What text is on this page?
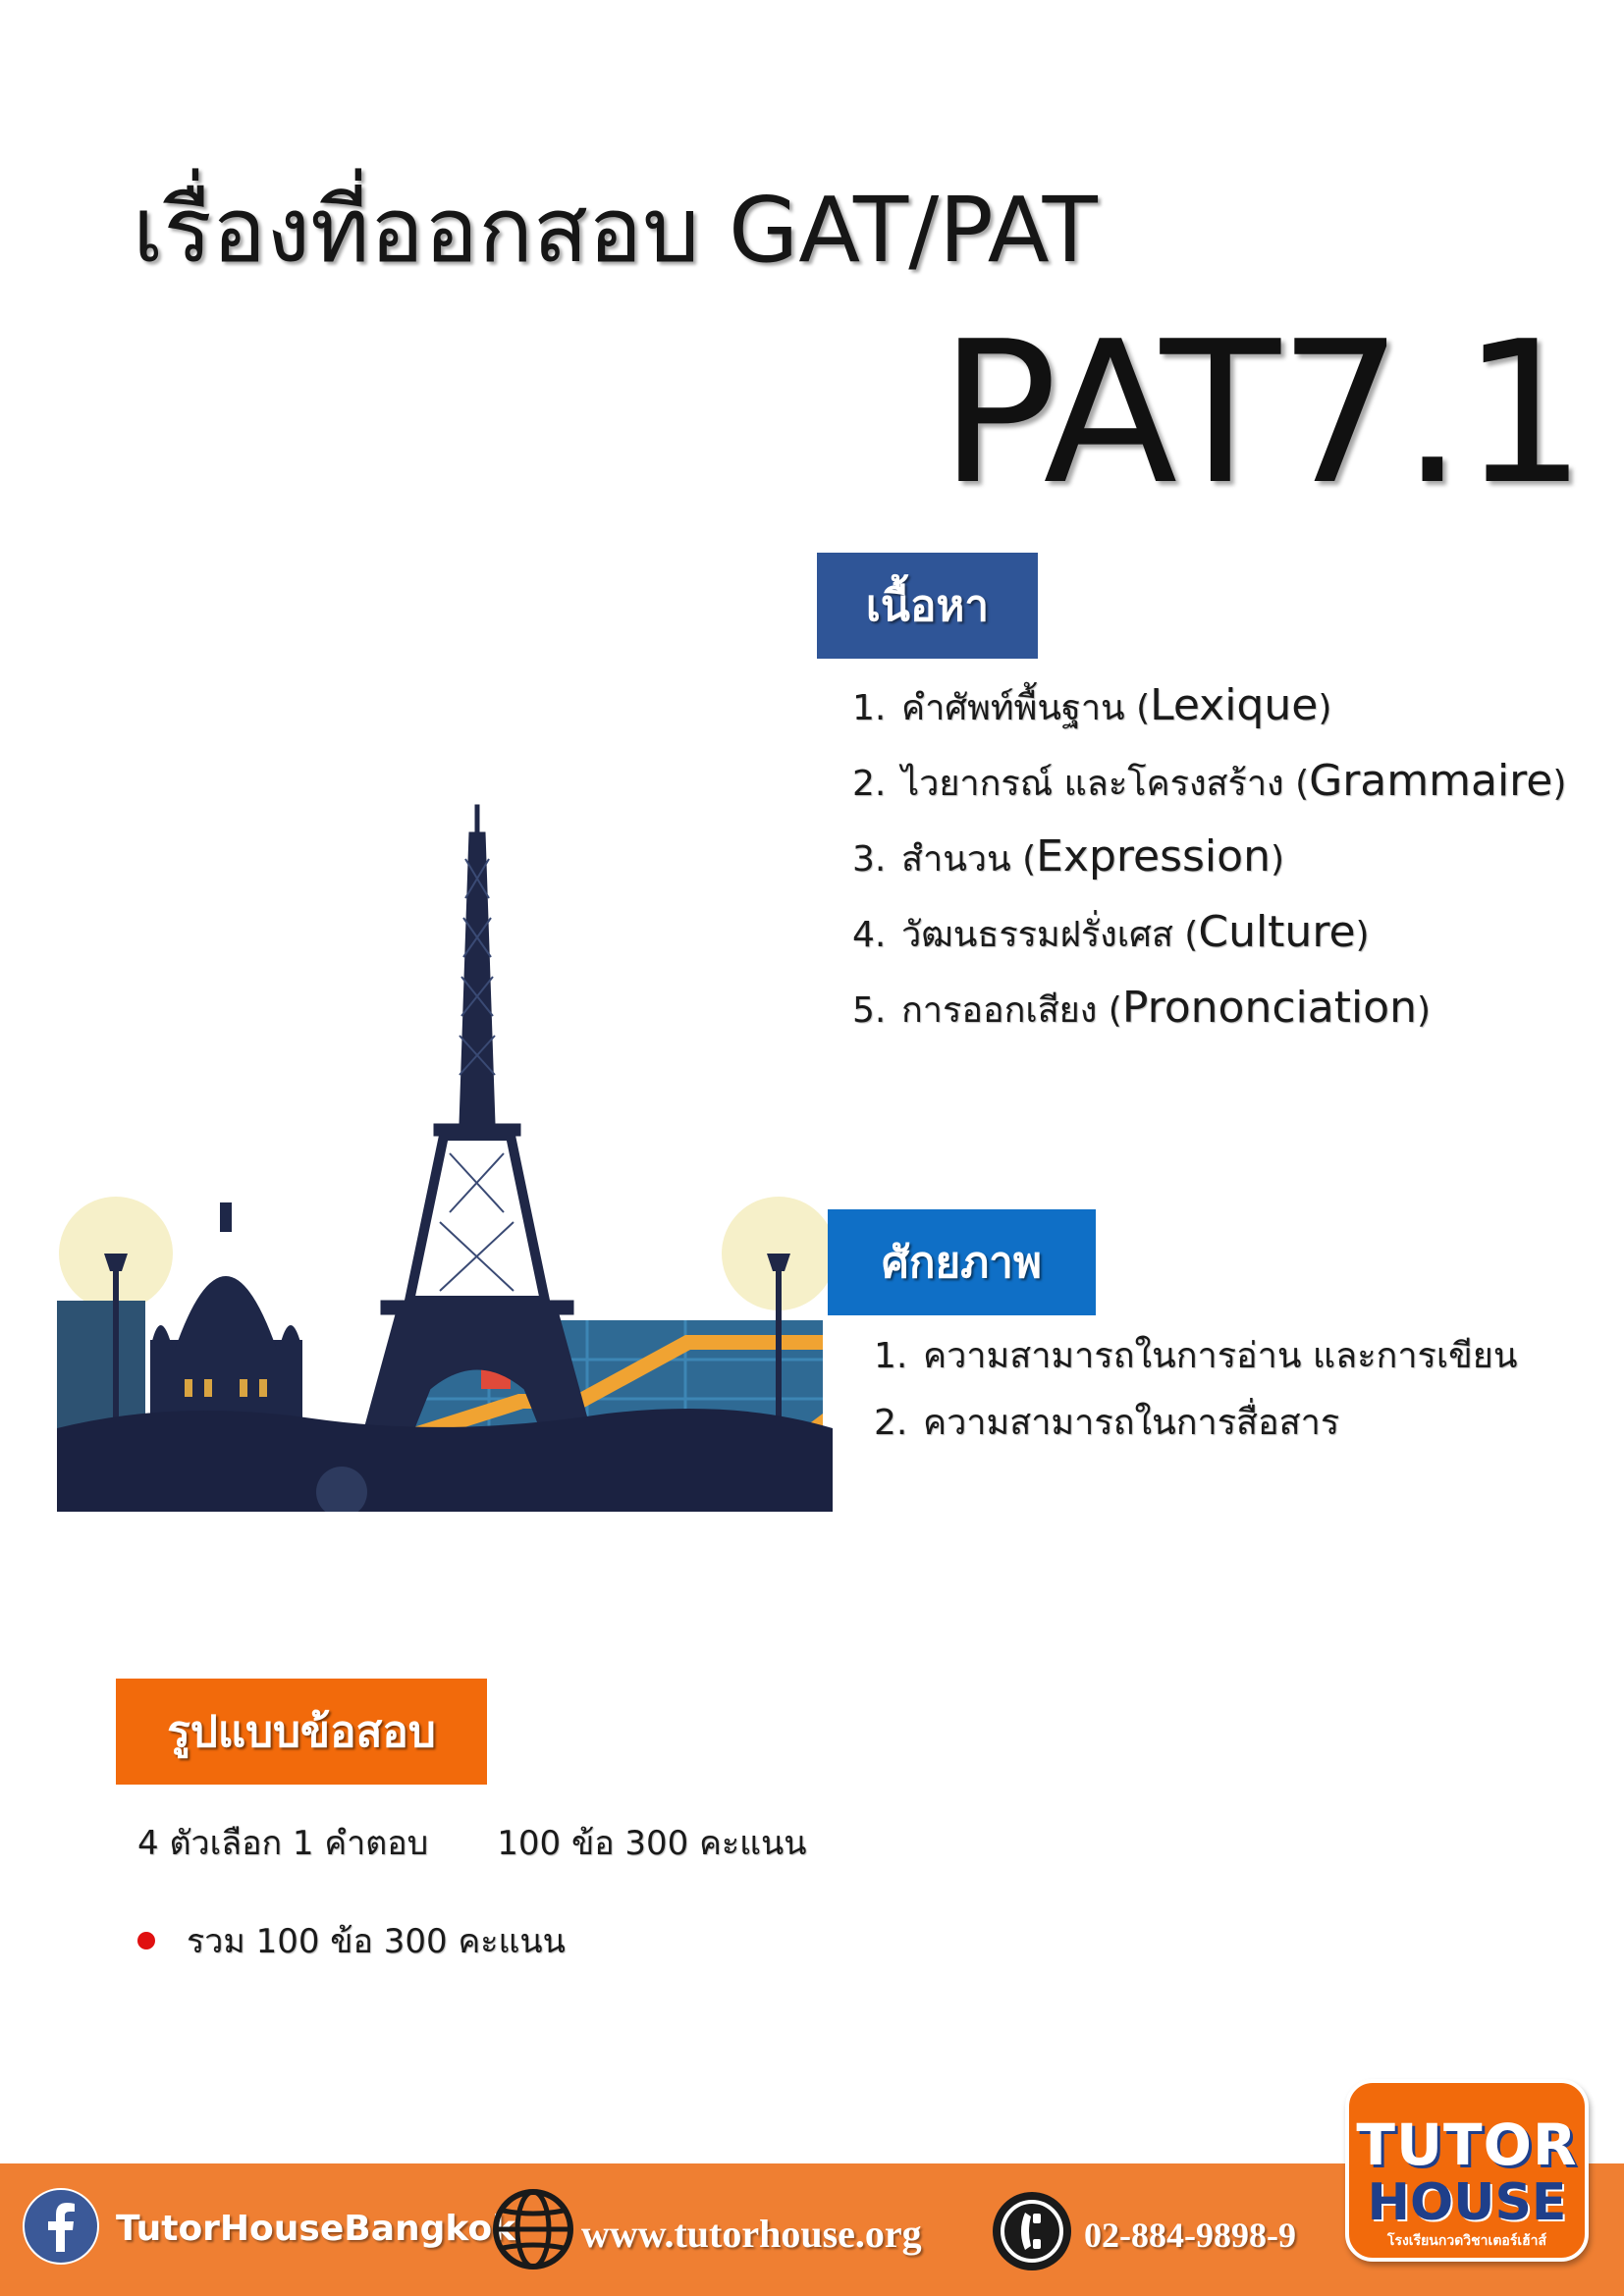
เรื่องที่ออกสอบ GAT/PAT
PAT7.1
เนื้อหา
1. คำศัพท์พื้นฐาน ( Lexique )
2. ไวยากรณ์ และโครงสร้าง ( Grammaire )
3. สำนวน ( Expression )
4. วัฒนธรรมฝรั่งเศส ( Culture )
5. การออกเสียง ( Prononciation )
ศักยภาพ
1. ความสามารถในการอ่าน และการเขียน
2. ความสามารถในการสื่อสาร
รูปแบบข้อสอบ
4 ตัวเลือก 1 คำตอบ 100 ข้อ 300 คะแนน
รวม 100 ข้อ 300 คะแนน
TutorHouseBangkok www.tutorhouse.org	02-884-9898-9
TUTOR
HOUSE
โรงเรียนกวดวิชาเตอร์เฮ้าส์
